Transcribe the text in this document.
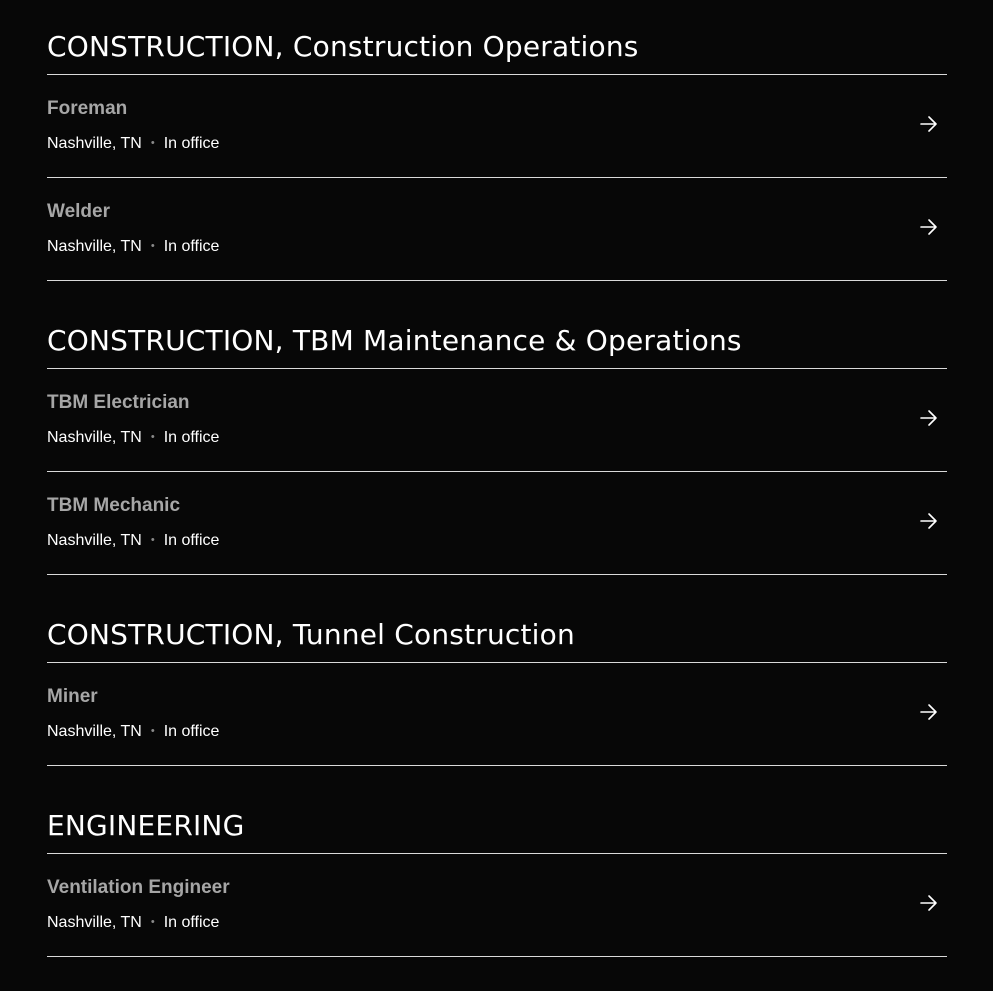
CONSTRUCTION, Construction Operations
Foreman
Nashville, TN • In office
Welder
Nashville, TN • In office
CONSTRUCTION, TBM Maintenance & Operations
TBM Electrician
Nashville, TN • In office
TBM Mechanic
Nashville, TN • In office
CONSTRUCTION, Tunnel Construction
Miner
Nashville, TN • In office
ENGINEERING
Ventilation Engineer
Nashville, TN • In office
